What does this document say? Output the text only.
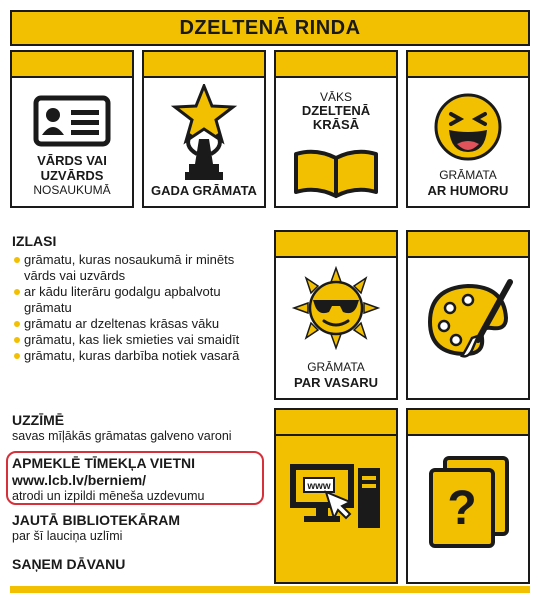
DZELTENĀ RINDA
VĀRDS VAI UZVĀRDS
NOSAUKUMĀ	GADA GRĀMATA
VĀKS
DZELTENĀ KRĀSĀ
GRĀMATA
AR HUMORU
IZLASI
grāmatu, kuras nosaukumā ir minēts vārds vai uzvārds
ar kādu literāru godalgu apbalvotu grāmatu
grāmatu ar dzeltenas krāsas vāku
grāmatu, kas liek smieties vai smaidīt
grāmatu, kuras darbība notiek vasarā
UZZĪMĒ
savas mīļākās grāmatas galveno varoni
APMEKLĒ TĪMEKĻA VIETNI
www.lcb.lv/berniem/
atrodi un izpildi mēneša uzdevumu
JAUTĀ BIBLIOTEKĀRAM
par šī lauciņa uzlīmi
SAŅEM DĀVANU
GRĀMATA
PAR VASARU
www ?
